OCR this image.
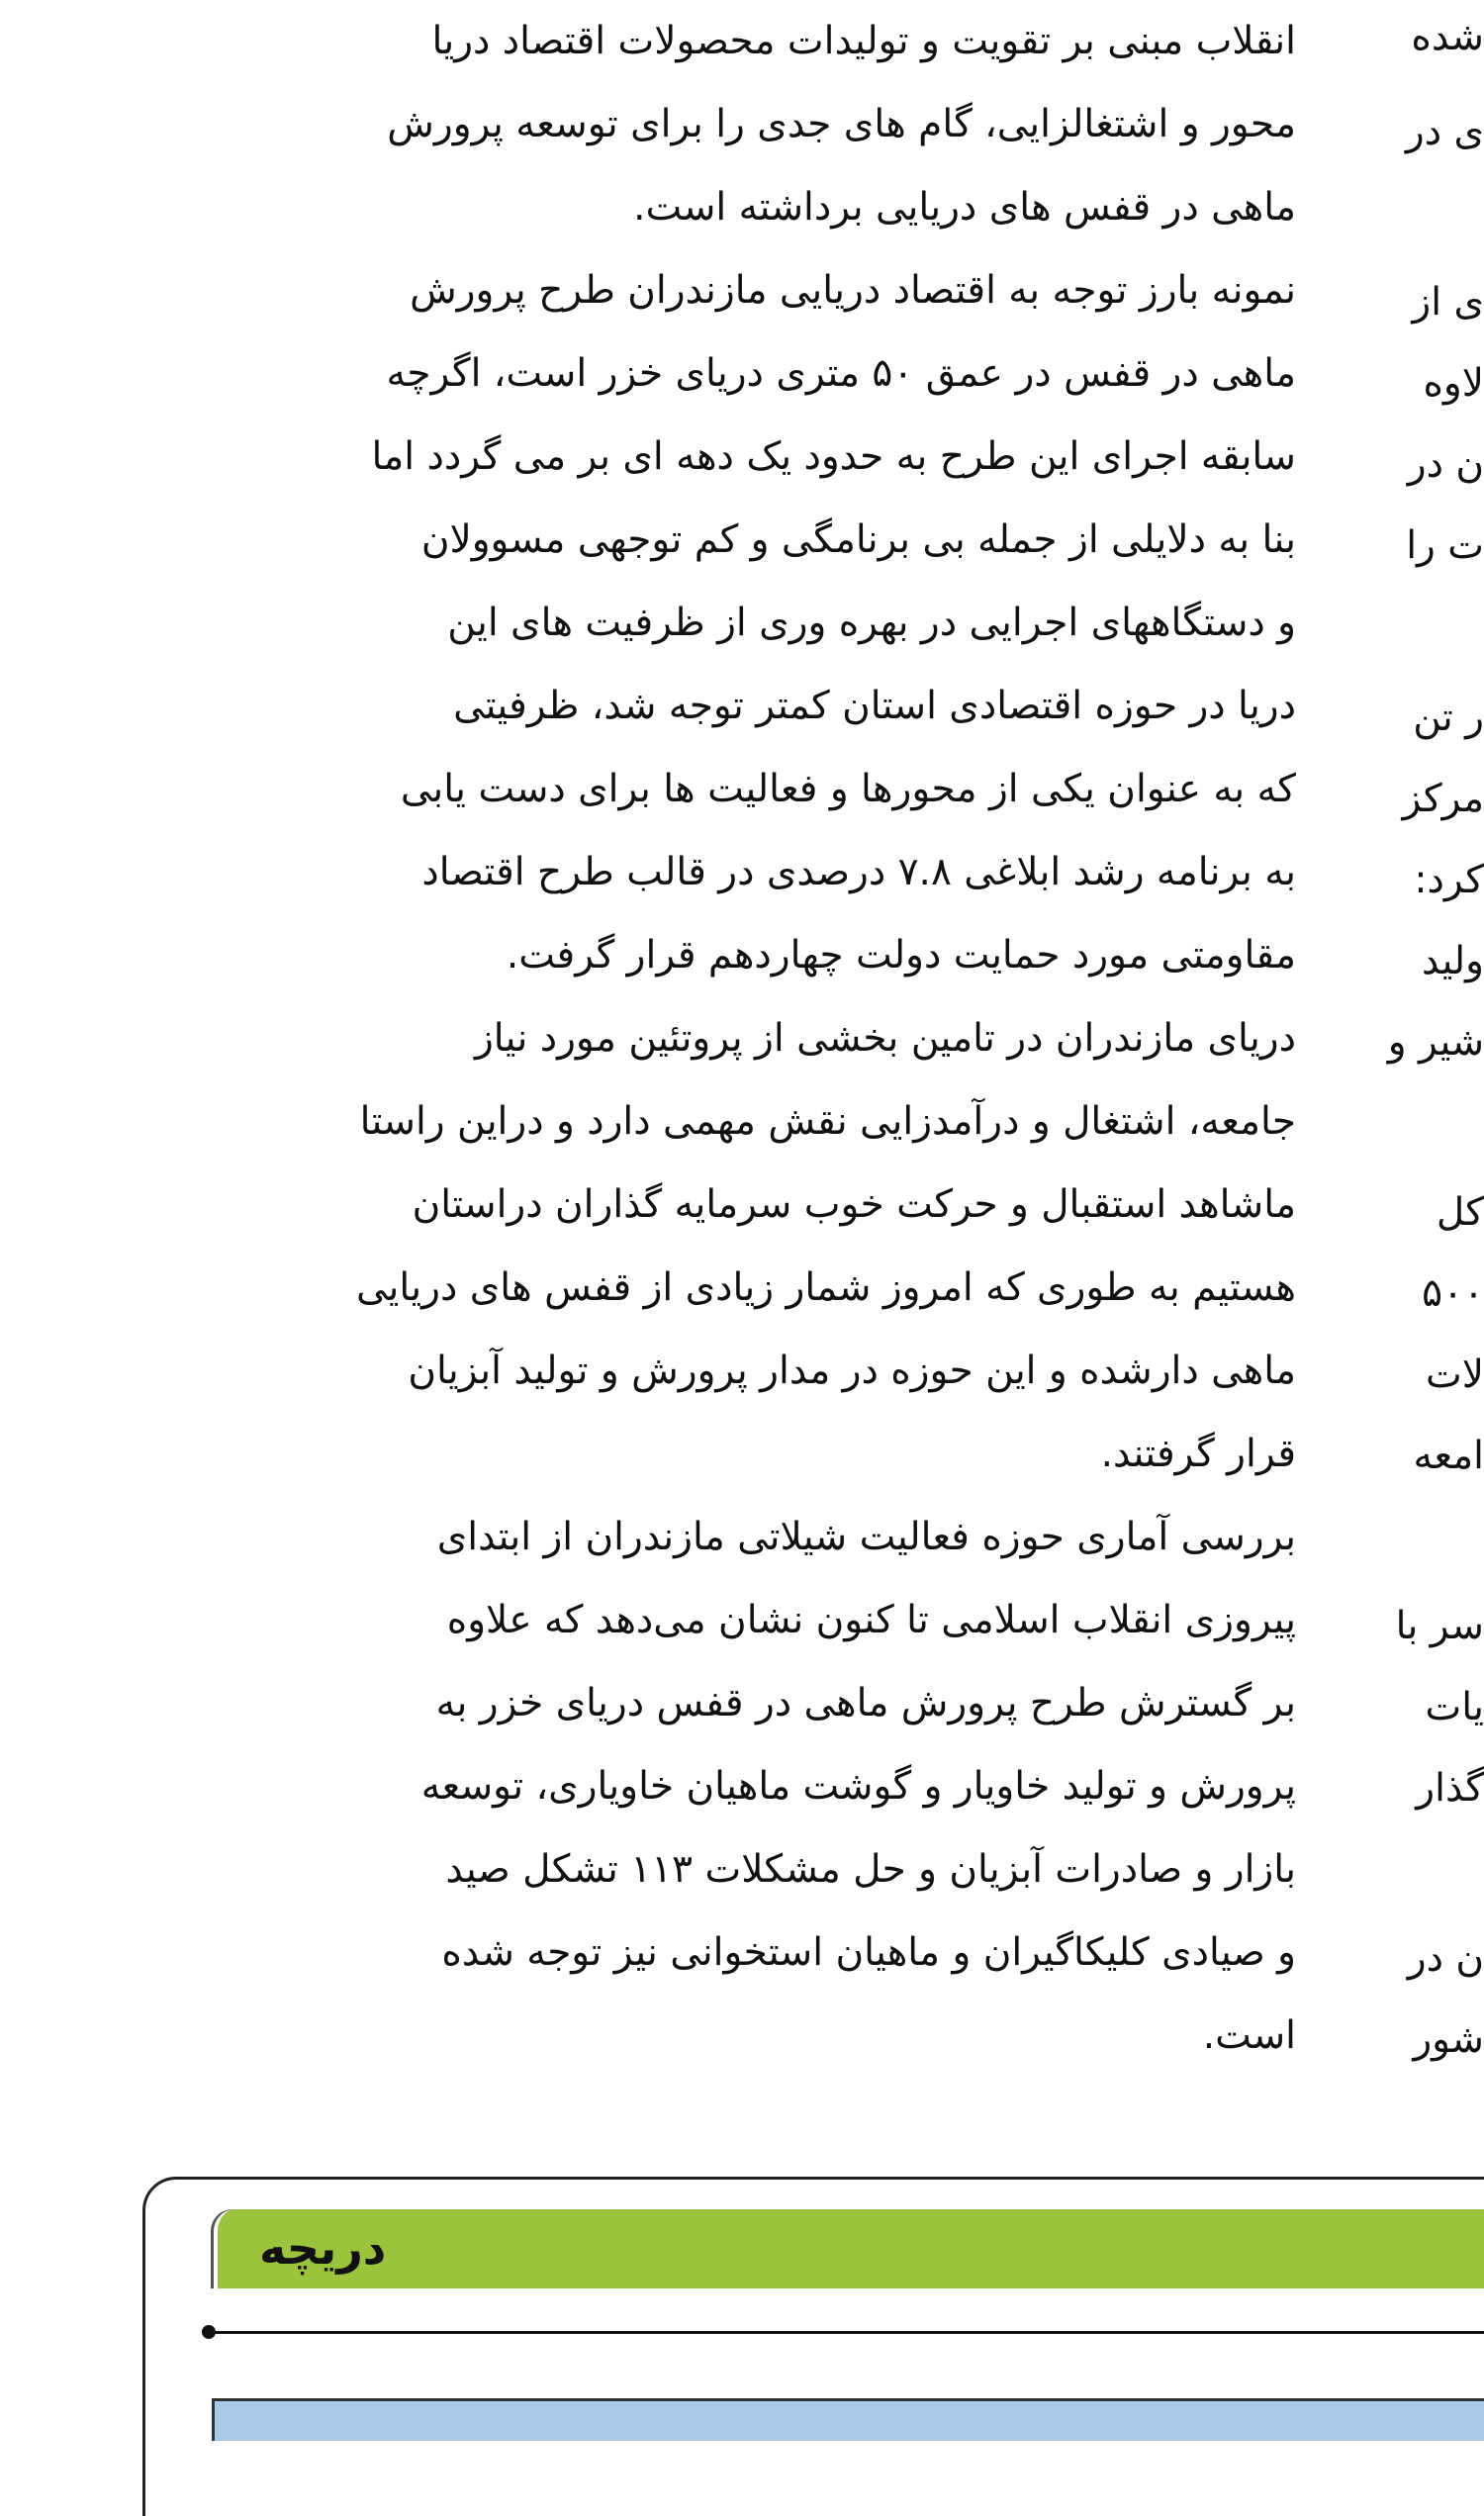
انقلاب مبنی بر تقویت و تولیدات محصولات اقتصاد دریا
محور و اشتغالزایی، گام های جدی را برای توسعه پرورش
ماهی در قفس های دریایی برداشته است.

نمونه بارز توجه به اقتصاد دریایی مازندران طرح پرورش
ماهی در قفس در عمق ۵۰ متری دریای خزر است، اگرچه
سابقه اجرای این طرح به حدود یک دهه ای بر می گردد اما
بنا به دلایلی از جمله بی برنامگی و کم توجهی مسوولان
و دستگاههای اجرایی در بهره وری از ظرفیت های این
دریا در حوزه اقتصادی استان کمتر توجه شد، ظرفیتی
که به عنوان یکی از محورها و فعالیت ها برای دست یابی
به برنامه رشد ابلاغی ۷.۸ درصدی در قالب طرح اقتصاد
مقاومتی مورد حمایت دولت چهاردهم قرار گرفت.

دریای مازندران در تامین بخشی از پروتئین مورد نیاز
جامعه، اشتغال و درآمدزایی نقش مهمی دارد و دراین راستا
ماشاهد استقبال و حرکت خوب سرمایه گذاران دراستان
هستیم به طوری که امروز شمار زیادی از قفس های دریایی
ماهی دارشده و این حوزه در مدار پرورش و تولید آبزیان
قرار گرفتند.

بررسی آماری حوزه فعالیت شیلاتی مازندران از ابتدای
پیروزی انقلاب اسلامی تا کنون نشان می‌دهد که علاوه
بر گسترش طرح پرورش ماهی در قفس دریای خزر به
پرورش و تولید خاویار و گوشت ماهیان خاویاری، توسعه
بازار و صادرات آبزیان و حل مشکلات ۱۱۳ تشکل صید
و صیادی کلیکاگیران و ماهیان استخوانی نیز توجه شده
است.

شده
ی در
ی از
لاوه
ن در
ت را
ر تن
مرکز
کرد:
ولید
شیر و
کل
۵۰۰
لات
امعه
سر با
یات
گذار
ن در
شور
دریچه
